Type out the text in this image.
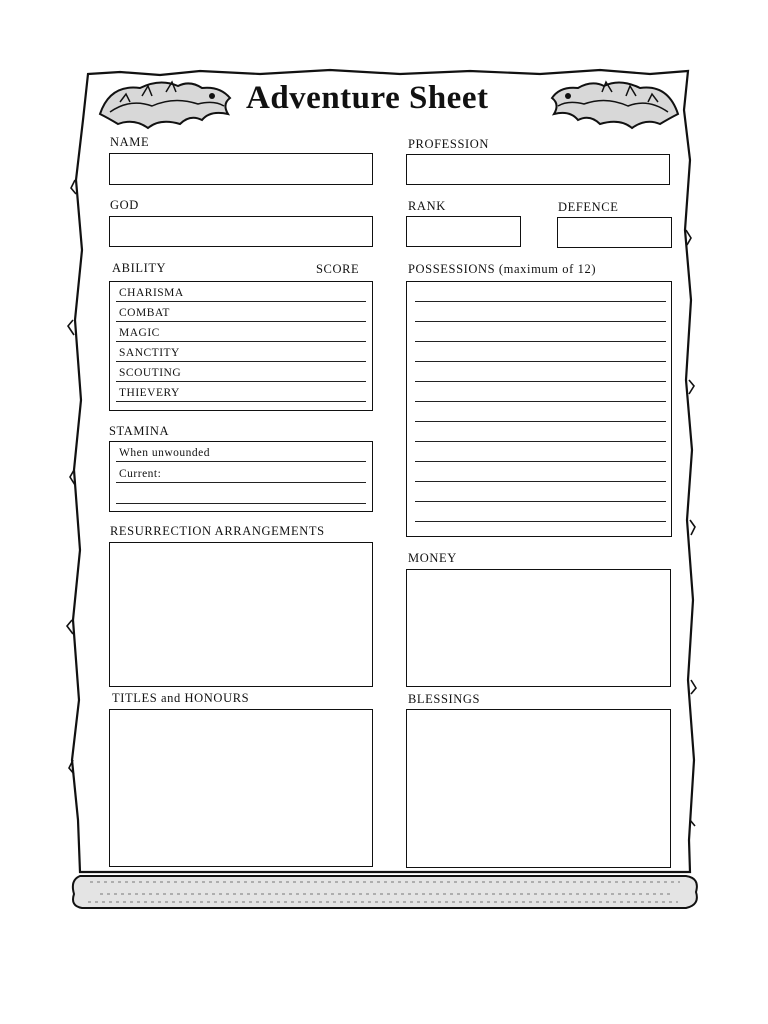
Adventure Sheet
NAME	PROFESSION
GOD	RANK	DEFENCE
ABILITY	SCORE
CHARISMA
COMBAT
MAGIC
SANCTITY
SCOUTING
THIEVERY
STAMINA
When unwounded
Current:
POSSESSIONS (maximum of 12)
RESURRECTION ARRANGEMENTS
MONEY
TITLES and HONOURS	BLESSINGS
